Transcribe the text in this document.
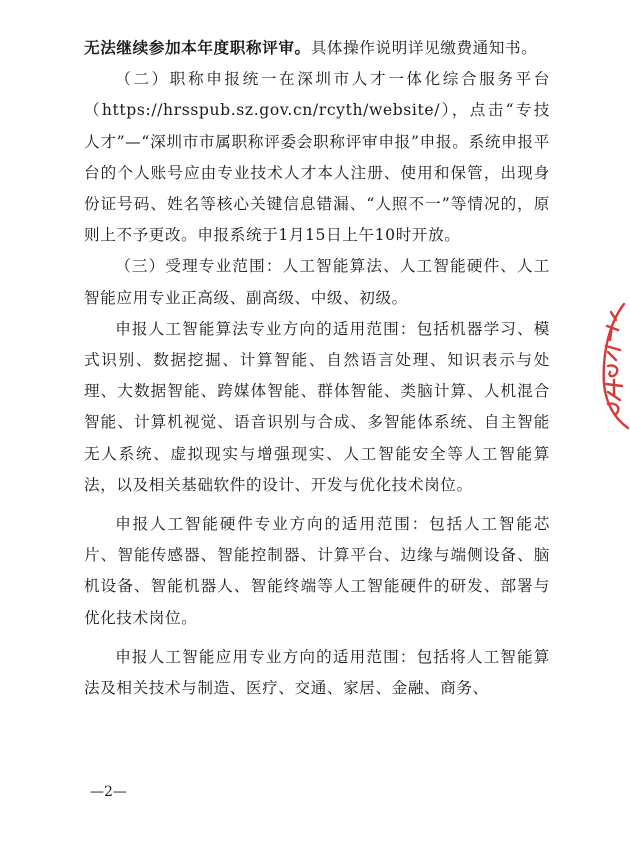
无法继续参加本年度职称评审。具体操作说明详见缴费通知书。

（二）职称申报统一在深圳市人才一体化综合服务平台（https://hrsspub.sz.gov.cn/rcyth/website/），点击“专技人才”—“深圳市市属职称评委会职称评审申报”申报。系统申报平台的个人账号应由专业技术人才本人注册、使用和保管，出现身份证号码、姓名等核心关键信息错漏、“人照不一”等情况的，原则上不予更改。申报系统于1月15日上午10时开放。

（三）受理专业范围：人工智能算法、人工智能硬件、人工智能应用专业正高级、副高级、中级、初级。

申报人工智能算法专业方向的适用范围：包括机器学习、模式识别、数据挖掘、计算智能、自然语言处理、知识表示与处理、大数据智能、跨媒体智能、群体智能、类脑计算、人机混合智能、计算机视觉、语音识别与合成、多智能体系统、自主智能无人系统、虚拟现实与增强现实、人工智能安全等人工智能算法，以及相关基础软件的设计、开发与优化技术岗位。

申报人工智能硬件专业方向的适用范围：包括人工智能芯片、智能传感器、智能控制器、计算平台、边缘与端侧设备、脑机设备、智能机器人、智能终端等人工智能硬件的研发、部署与优化技术岗位。

申报人工智能应用专业方向的适用范围：包括将人工智能算法及相关技术与制造、医疗、交通、家居、金融、商务、

—2—
